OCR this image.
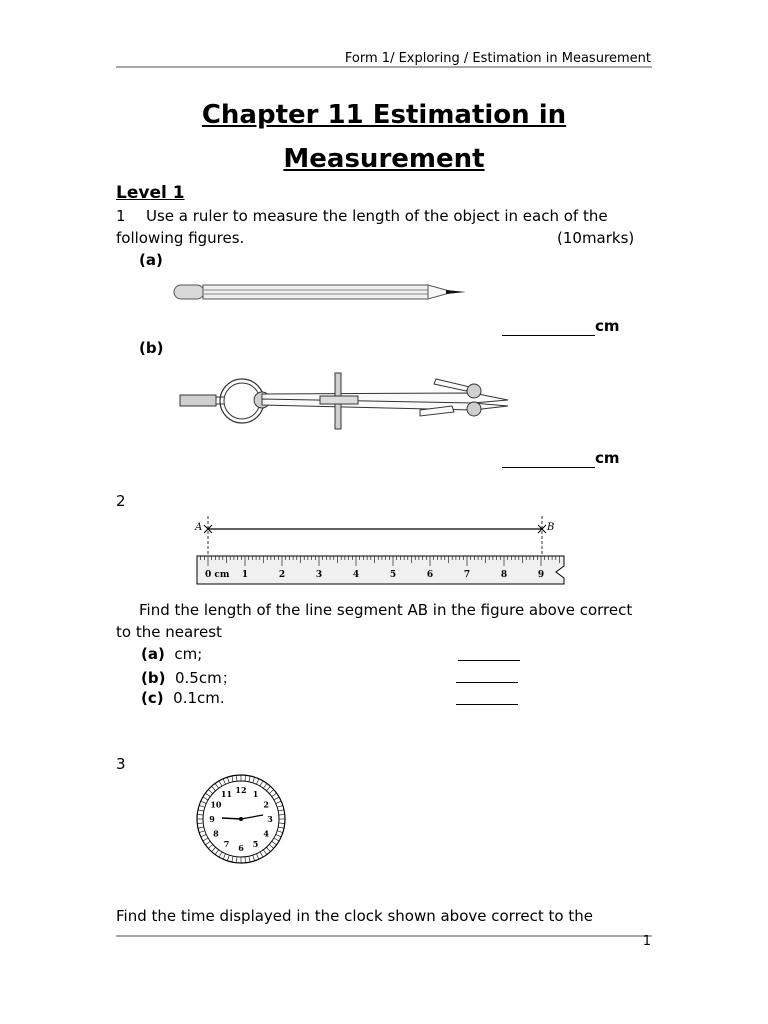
Form 1/ Exploring / Estimation in Measurement
Chapter 11 Estimation in
Measurement
Level 1
1 Use a ruler to measure the length of the object in each of the
following figures.	(10marks)
(a)
cm
(b)
cm
2
A	B
0 cm 1	2	3	4	5	6	7	8	9
Find the length of the line segment AB in the figure above correct
to the nearest
(a) cm;
(b) 0.5cm；
(c) 0.1cm.
3
12 1
2
3
4
5
6
7
8
9
10
11
Find the time displayed in the clock shown above correct to the
1
